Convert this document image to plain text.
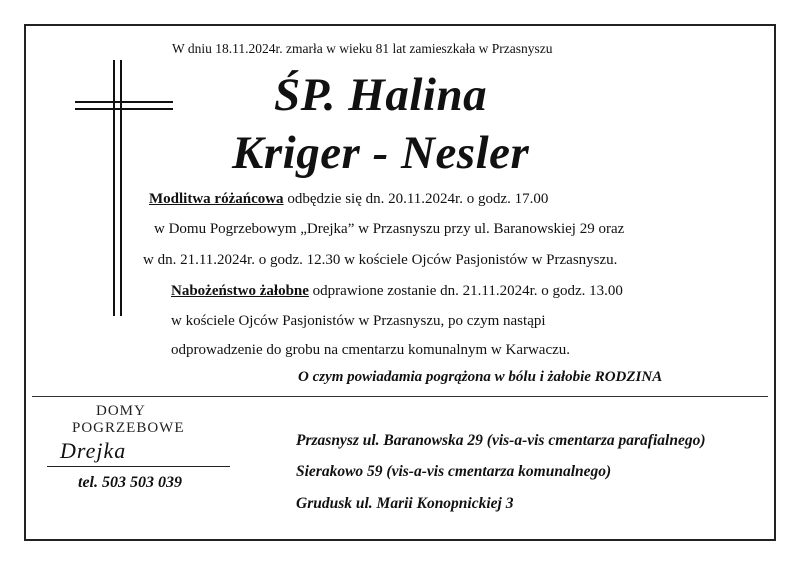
W dniu 18.11.2024r. zmarła w wieku 81 lat zamieszkała w Przasnyszu
ŚP. Halina
Kriger - Nesler
Modlitwa różańcowa odbędzie się dn. 20.11.2024r. o godz. 17.00
w Domu Pogrzebowym „Drejka” w Przasnyszu przy ul. Baranowskiej 29 oraz
w dn. 21.11.2024r. o godz. 12.30 w kościele Ojców Pasjonistów w Przasnyszu.
Nabożeństwo żałobne odprawione zostanie dn. 21.11.2024r. o godz. 13.00
w kościele Ojców Pasjonistów w Przasnyszu, po czym nastąpi
odprowadzenie do grobu na cmentarzu komunalnym w Karwaczu.
O czym powiadamia pogrążona w bólu i żałobie RODZINA
DOMY
POGRZEBOWE
Drejka
tel. 503 503 039
Przasnysz ul. Baranowska 29 (vis-a-vis cmentarza parafialnego)
Sierakowo 59 (vis-a-vis cmentarza komunalnego)
Grudusk ul. Marii Konopnickiej 3
